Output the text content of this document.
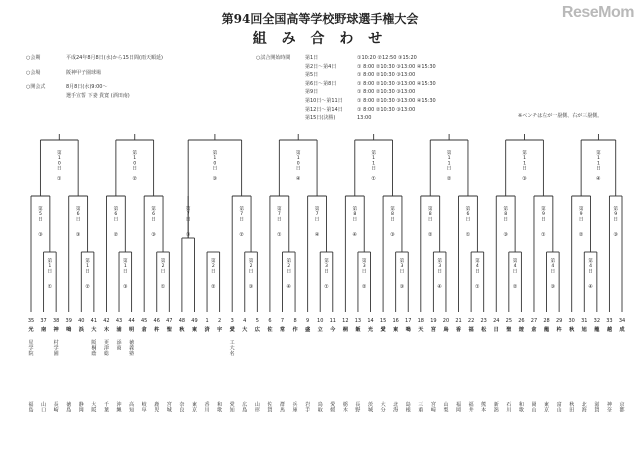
第94回全国高等学校野球選手権大会
組 み 合 わ せ
ReseMom
○会期	平成24年8月8日(水)から15日間(雨天順延)
○会場	阪神甲子園球場
○開会式	8月8日(水)9:00〜
選手宣誓 下妻 貴寛 (酒田南)
○試合開始時間	第1日	①10:20 ②12:50 ③15:20
第2日〜第4日	① 8:00 ②10:30 ③13:00 ④15:30
第5日	① 8:00 ②10:30 ③13:00
第6日〜第8日	① 8:00 ②10:30 ③13:00 ④15:30
第9日	① 8:00 ②10:30 ③13:00
第10日〜第11日	① 8:00 ②10:30 ③13:00 ④15:30
第12日〜第14日	① 8:00 ②10:30 ③13:00
第15日(決勝)	13:00	※ベンチは左が一塁側、右が三塁側。
第
1
日
①
第
5
日
③
第
1
日
②
第
6
日
③
第
1
0
日
①
第
1
日
③
第
6
日
②
第
2
日
①
第
6
日
③
第
1
0
日
②
第
2
日
②
第
7
日
③
第
2
日
③
第
7
日
②
第
1
0
日
③
第
2
日
④
第
7
日
①
第
3
日
①
第
7
日
④
第
1
0
日
④
第
3
日
②
第
8
日
④
第
3
日
③
第
8
日
③
第
1
1
日
①
第
3
日
④
第
8
日
②
第
4
日
①
第
6
日
①
第
1
1
日
②
第
4
日
②
第
8
日
③
第
4
日
③
第
9
日
①
第
1
1
日
③
第
4
日
④
第
9
日
②
第
9
日
③
第
1
1
日
④
35
光
星
学
院
福
島
37
南
山
口
38
神
村
学
園
長
崎
39
鳴
徳
島
40
浜
静
岡
41
大
阪
桐
蔭
大
阪
42
木
更
津
総
千
葉
43
浦
添
商
沖
縄
44
明
徳
義
塾
高
知
45
倉
岐
阜
46
杵
鹿
児
47
聖
宮
城
48
秋
奈
良
49
東
東
京
1
済
香
川
2
宇
和
歌
3
愛
工
大
名
愛
知
4
大
広
島
5
広
山
形
6
佐
佐
賀
7
常
群
馬
8
作
兵
庫
9
盛
岩
手
10
立
鳥
取
11
今
愛
媛
12
桐
栃
木
13
飯
長
野
14
光
茨
城
15
愛
大
分
16
東
北
海
17
鳴
島
根
18
天
三
重
19
宮
宮
崎
20
鳥
山
梨
21
香
福
岡
22
福
福
井
23
松
熊
本
24
日
新
潟
25
聖
石
川
26
遊
和
歌
27
倉
岡
山
28
龍
東
京
29
杵
富
山
30
秋
秋
田
31
旭
北
海
32
龍
滋
賀
33
越
神
奈
34
成
京
都
